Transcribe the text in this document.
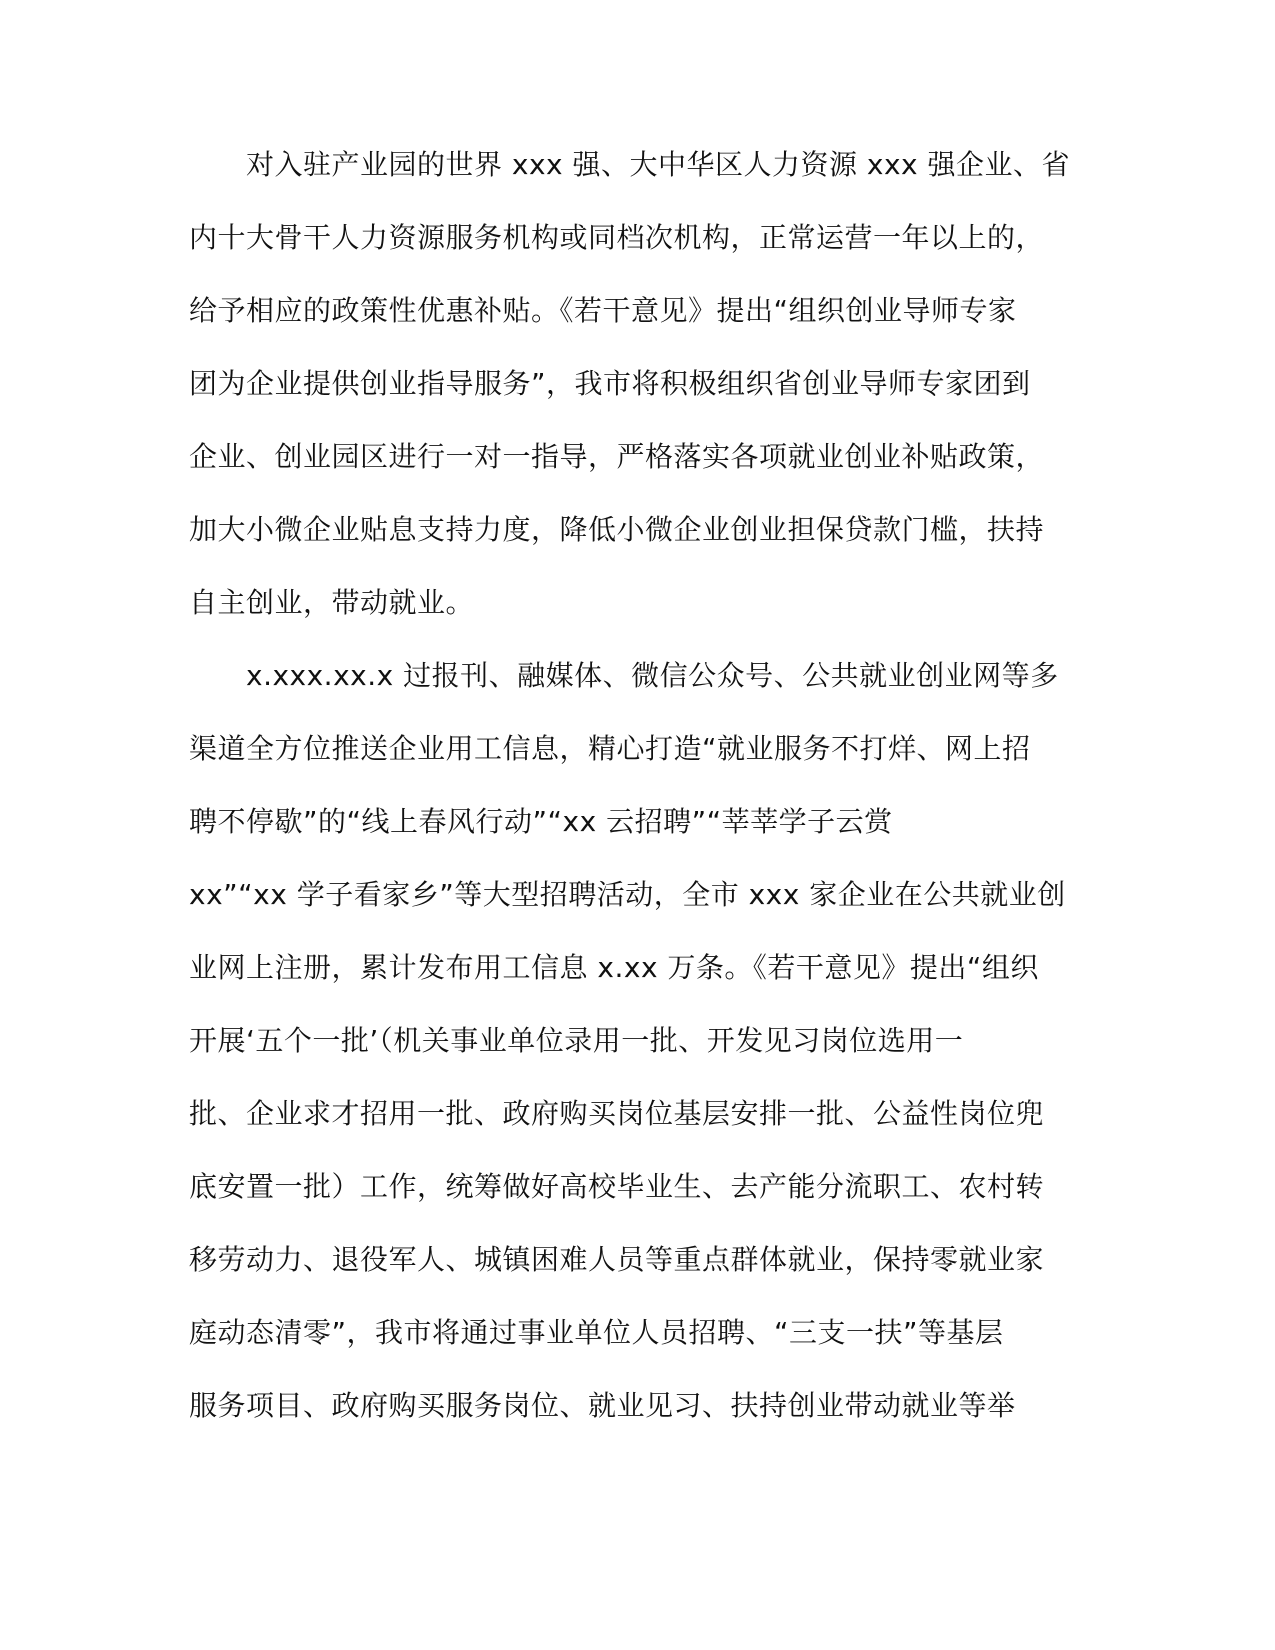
对入驻产业园的世界 xxx 强、大中华区人力资源 xxx 强企业、省
内十大骨干人力资源服务机构或同档次机构，正常运营一年以上的，
给予相应的政策性优惠补贴。《若干意见》提出“组织创业导师专家
团为企业提供创业指导服务”，我市将积极组织省创业导师专家团到
企业、创业园区进行一对一指导，严格落实各项就业创业补贴政策，
加大小微企业贴息支持力度，降低小微企业创业担保贷款门槛，扶持
自主创业，带动就业。
x.xxx.xx.x 过报刊、融媒体、微信公众号、公共就业创业网等多
渠道全方位推送企业用工信息，精心打造“就业服务不打烊、网上招
聘不停歇”的“线上春风行动”“xx 云招聘”“莘莘学子云赏
xx”“xx 学子看家乡”等大型招聘活动，全市 xxx 家企业在公共就业创
业网上注册，累计发布用工信息 x.xx 万条。《若干意见》提出“组织
开展‘五个一批’（机关事业单位录用一批、开发见习岗位选用一
批、企业求才招用一批、政府购买岗位基层安排一批、公益性岗位兜
底安置一批）工作，统筹做好高校毕业生、去产能分流职工、农村转
移劳动力、退役军人、城镇困难人员等重点群体就业，保持零就业家
庭动态清零”，我市将通过事业单位人员招聘、“三支一扶”等基层
服务项目、政府购买服务岗位、就业见习、扶持创业带动就业等举
